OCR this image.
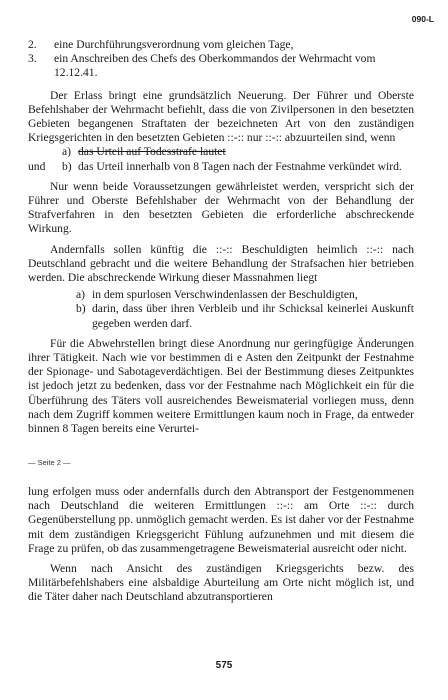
090-L
2.	eine Durchführungsverordnung vom gleichen Tage,
3.	ein Anschreiben des Chefs des Oberkommandos der Wehrmacht vom 12.12.41.

Der Erlass bringt eine grundsätzlich Neuerung. Der Führer und Oberste Befehlshaber der Wehrmacht befiehlt, dass die von Zivilpersonen in den besetzten Gebieten begangenen Straftaten der bezeichneten Art von den zuständigen Kriegsgerichten in den besetzten Gebieten ::-:: nur ::-:: abzuurteilen sind, wenn

a) das Urteil auf Todesstrafe lautet
und	b) das Urteil innerhalb von 8 Tagen nach der Festnahme verkündet wird.

Nur wenn beide Voraussetzungen gewährleistet werden, verspricht sich der Führer und Oberste Befehlshaber der Wehrmacht von der Behandlung der Strafverfahren in den besetzten Gebieten die erforderliche abschreckende Wirkung.

Andernfalls sollen künftig die ::-:: Beschuldigten heimlich ::-:: nach Deutschland gebracht und die weitere Behandlung der Strafsachen hier betrieben werden. Die abschreckende Wirkung dieser Massnahmen liegt

a) in dem spurlosen Verschwindenlassen der Beschuldigten,
b) darin, dass über ihren Verbleib und ihr Schicksal keinerlei Auskunft gegeben werden darf.

Für die Abwehrstellen bringt diese Anordnung nur geringfügige Änderungen ihrer Tätigkeit. Nach wie vor bestimmen di e Asten den Zeitpunkt der Festnahme der Spionage- und Sabotageverdächtigen. Bei der Bestimmung dieses Zeitpunktes ist jedoch jetzt zu bedenken, dass vor der Festnahme nach Möglichkeit ein für die Überführung des Täters voll ausreichendes Beweismaterial vorliegen muss, denn nach dem Zugriff kommen weitere Ermittlungen kaum noch in Frage, da entweder binnen 8 Tagen bereits eine Verurtei-

— Seite 2 —

lung erfolgen muss oder andernfalls durch den Abtransport der Festgenommenen nach Deutschland die weiteren Ermittlungen ::-:: am Orte ::-:: durch Gegenüberstellung pp. unmöglich gemacht werden. Es ist daher vor der Festnahme mit dem zuständigen Kriegsgericht Fühlung aufzunehmen und mit diesem die Frage zu prüfen, ob das zusammengetragene Beweismaterial ausreicht oder nicht.

Wenn nach Ansicht des zuständigen Kriegsgerichts bezw. des Militärbefehlshabers eine alsbaldige Aburteilung am Orte nicht möglich ist, und die Täter daher nach Deutschland abzutransportieren

575
